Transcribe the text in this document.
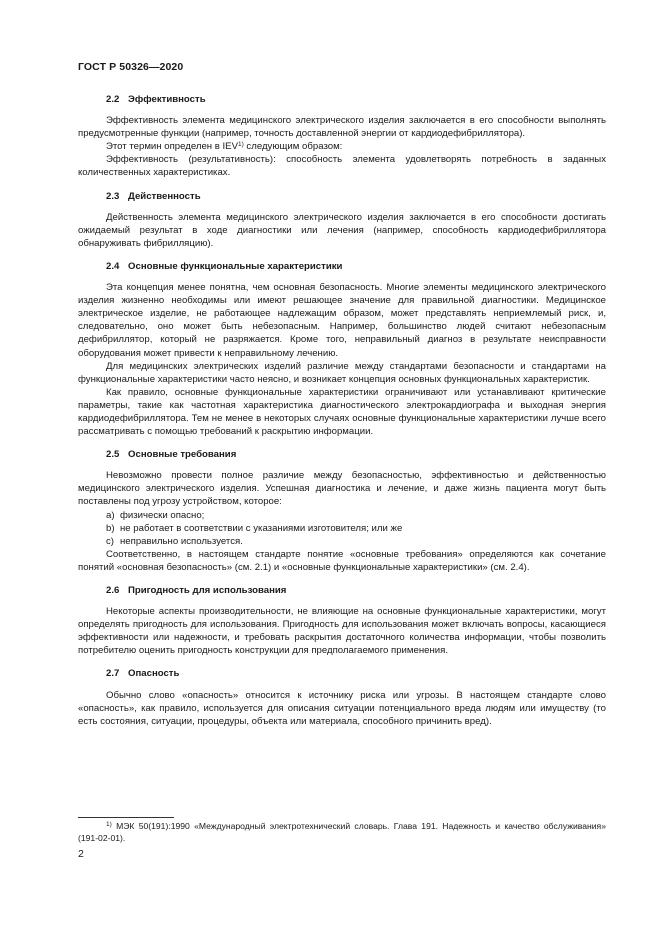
ГОСТ Р 50326—2020
2.2 Эффективность

Эффективность элемента медицинского электрического изделия заключается в его способности выполнять предусмотренные функции (например, точность доставленной энергии от кардиодефибриллятора).

Этот термин определен в IEV$^{1)}$ следующим образом:

Эффективность (результативность): способность элемента удовлетворять потребность в заданных количественных характеристиках.

2.3 Действенность

Действенность элемента медицинского электрического изделия заключается в его способности достигать ожидаемый результат в ходе диагностики или лечения (например, способность кардиодефибриллятора обнаруживать фибрилляцию).

2.4 Основные функциональные характеристики

Эта концепция менее понятна, чем основная безопасность. Многие элементы медицинского электрического изделия жизненно необходимы или имеют решающее значение для правильной диагностики. Медицинское электрическое изделие, не работающее надлежащим образом, может представлять неприемлемый риск, и, следовательно, оно может быть небезопасным. Например, большинство людей считают небезопасным дефибриллятор, который не разряжается. Кроме того, неправильный диагноз в результате неисправности оборудования может привести к неправильному лечению.

Для медицинских электрических изделий различие между стандартами безопасности и стандартами на функциональные характеристики часто неясно, и возникает концепция основных функциональных характеристик.

Как правило, основные функциональные характеристики ограничивают или устанавливают критические параметры, такие как частотная характеристика диагностического электрокардиографа и выходная энергия кардиодефибриллятора. Тем не менее в некоторых случаях основные функциональные характеристики лучше всего рассматривать с помощью требований к раскрытию информации.

2.5 Основные требования

Невозможно провести полное различие между безопасностью, эффективностью и действенностью медицинского электрического изделия. Успешная диагностика и лечение, и даже жизнь пациента могут быть поставлены под угрозу устройством, которое:

a) физически опасно;

b) не работает в соответствии с указаниями изготовителя; или же

c) неправильно используется.

Соответственно, в настоящем стандарте понятие «основные требования» определяются как сочетание понятий «основная безопасность» (см. 2.1) и «основные функциональные характеристики» (см. 2.4).

2.6 Пригодность для использования

Некоторые аспекты производительности, не влияющие на основные функциональные характеристики, могут определять пригодность для использования. Пригодность для использования может включать вопросы, касающиеся эффективности или надежности, и требовать раскрытия достаточного количества информации, чтобы позволить потребителю оценить пригодность конструкции для предполагаемого применения.

2.7 Опасность

Обычно слово «опасность» относится к источнику риска или угрозы. В настоящем стандарте слово «опасность», как правило, используется для описания ситуации потенциального вреда людям или имуществу (то есть состояния, ситуации, процедуры, объекта или материала, способного причинить вред).

$^{1)}$ МЭК 50(191):1990 «Международный электротехнический словарь. Глава 191. Надежность и качество обслуживания» (191-02-01).

2
